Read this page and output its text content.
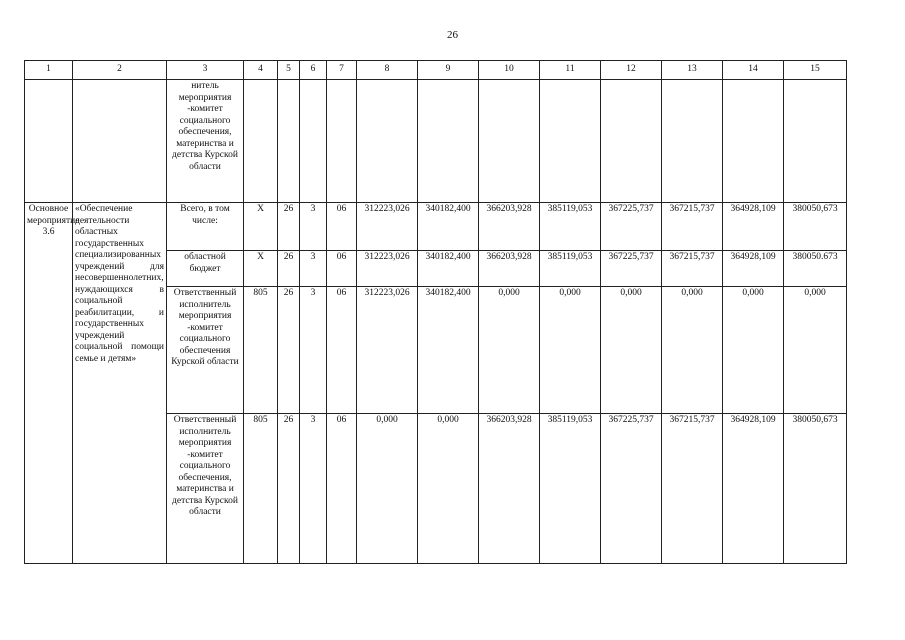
26
1	2	3	4	5	6	7	8	9	10	11	12	13	14	15
		нитель мероприятия -комитет социального обеспечения, материнства и детства Курской области												
Основное мероприятие 3.6	«Обеспечение деятельности областных государственных специализированных учреждений для несовершеннолетних, нуждающихся в социальной реабилитации, и государственных учреждений социальной помощи семье и детям»	Всего, в том числе:	Х	26	3	06	312223,026	340182,400	366203,928	385119,053	367225,737	367215,737	364928,109	380050,673
		областной бюджет	Х	26	3	06	312223,026	340182,400	366203,928	385119,053	367225,737	367215,737	364928,109	380050.673
		Ответственный исполнитель мероприятия -комитет социального обеспечения Курской области	805	26	3	06	312223,026	340182,400	0,000	0,000	0,000	0,000	0,000	0,000
		Ответственный исполнитель мероприятия -комитет социального обеспечения, материнства и детства Курской области	805	26	3	06	0,000	0,000	366203,928	385119,053	367225,737	367215,737	364928,109	380050,673
